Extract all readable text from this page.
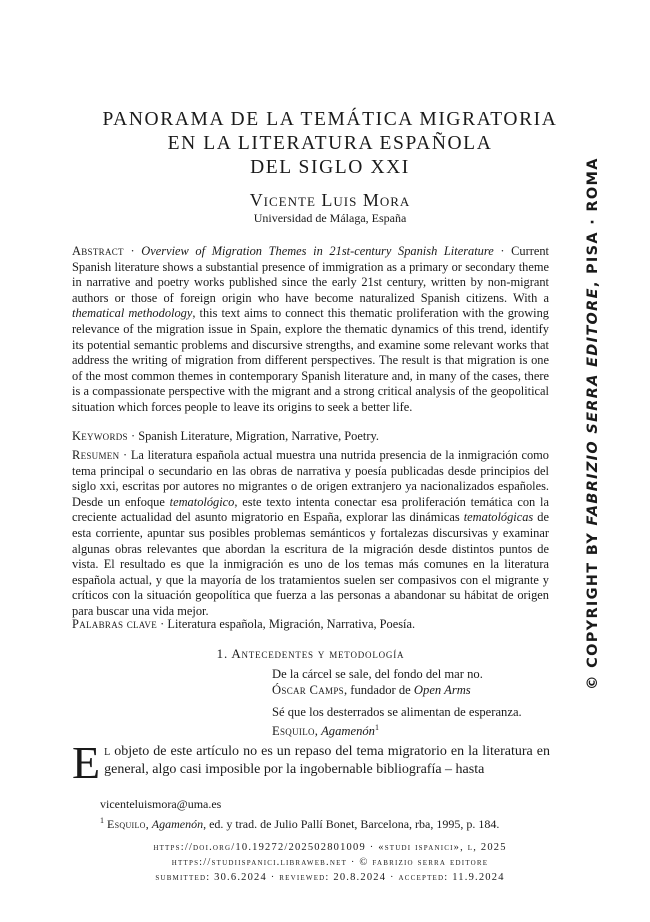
PANORAMA DE LA TEMÁTICA MIGRATORIA
EN LA LITERATURA ESPAÑOLA
DEL SIGLO XXI
Vicente Luis Mora
Universidad de Málaga, España
Abstract · Overview of Migration Themes in 21st-century Spanish Literature · Current Spanish literature shows a substantial presence of immigration as a primary or secondary theme in narrative and poetry works published since the early 21st century, written by non-migrant authors or those of foreign origin who have become naturalized Spanish citizens. With a thematical methodology, this text aims to connect this thematic proliferation with the growing relevance of the migration issue in Spain, explore the thematic dynamics of this trend, identify its potential semantic problems and discursive strengths, and examine some relevant works that address the writing of migration from different perspectives. The result is that migration is one of the most common themes in contemporary Spanish literature and, in many of the cases, there is a compassionate perspective with the migrant and a strong critical analysis of the geopolitical situation which forces people to leave its origins to seek a better life.
Keywords · Spanish Literature, Migration, Narrative, Poetry.
Resumen · La literatura española actual muestra una nutrida presencia de la inmigración como tema principal o secundario en las obras de narrativa y poesía publicadas desde principios del siglo xxi, escritas por autores no migrantes o de origen extranjero ya nacionalizados españoles. Desde un enfoque tematológico, este texto intenta conectar esa proliferación temática con la creciente actualidad del asunto migratorio en España, explorar las dinámicas tematológicas de esta corriente, apuntar sus posibles problemas semánticos y fortalezas discursivas y examinar algunas obras relevantes que abordan la escritura de la migración desde distintos puntos de vista. El resultado es que la inmigración es uno de los temas más comunes en la literatura española actual, y que la mayoría de los tratamientos suelen ser compasivos con el migrante y críticos con la situación geopolítica que fuerza a las personas a abandonar su hábitat de origen para buscar una vida mejor.
Palabras clave · Literatura española, Migración, Narrativa, Poesía.
1. Antecedentes y metodología
De la cárcel se sale, del fondo del mar no.
Óscar Camps, fundador de Open Arms
Sé que los desterrados se alimentan de esperanza.
Esquilo, Agamenón$^1$
El objeto de este artículo no es un repaso del tema migratorio en la literatura en general, algo casi imposible por la ingobernable bibliografía – hasta
vicenteluismora@uma.es
$^1$ Esquilo, Agamenón, ed. y trad. de Julio Pallí Bonet, Barcelona, rba, 1995, p. 184.
https://doi.org/10.19272/202502801009 · «studi ispanici», l, 2025
https://studiispanici.libraweb.net · © fabrizio serra editore
submitted: 30.6.2024 · reviewed: 20.8.2024 · accepted: 11.9.2024
© COPYRIGHT BY FABRIZIO SERRA EDITORE, PISA · ROMA
